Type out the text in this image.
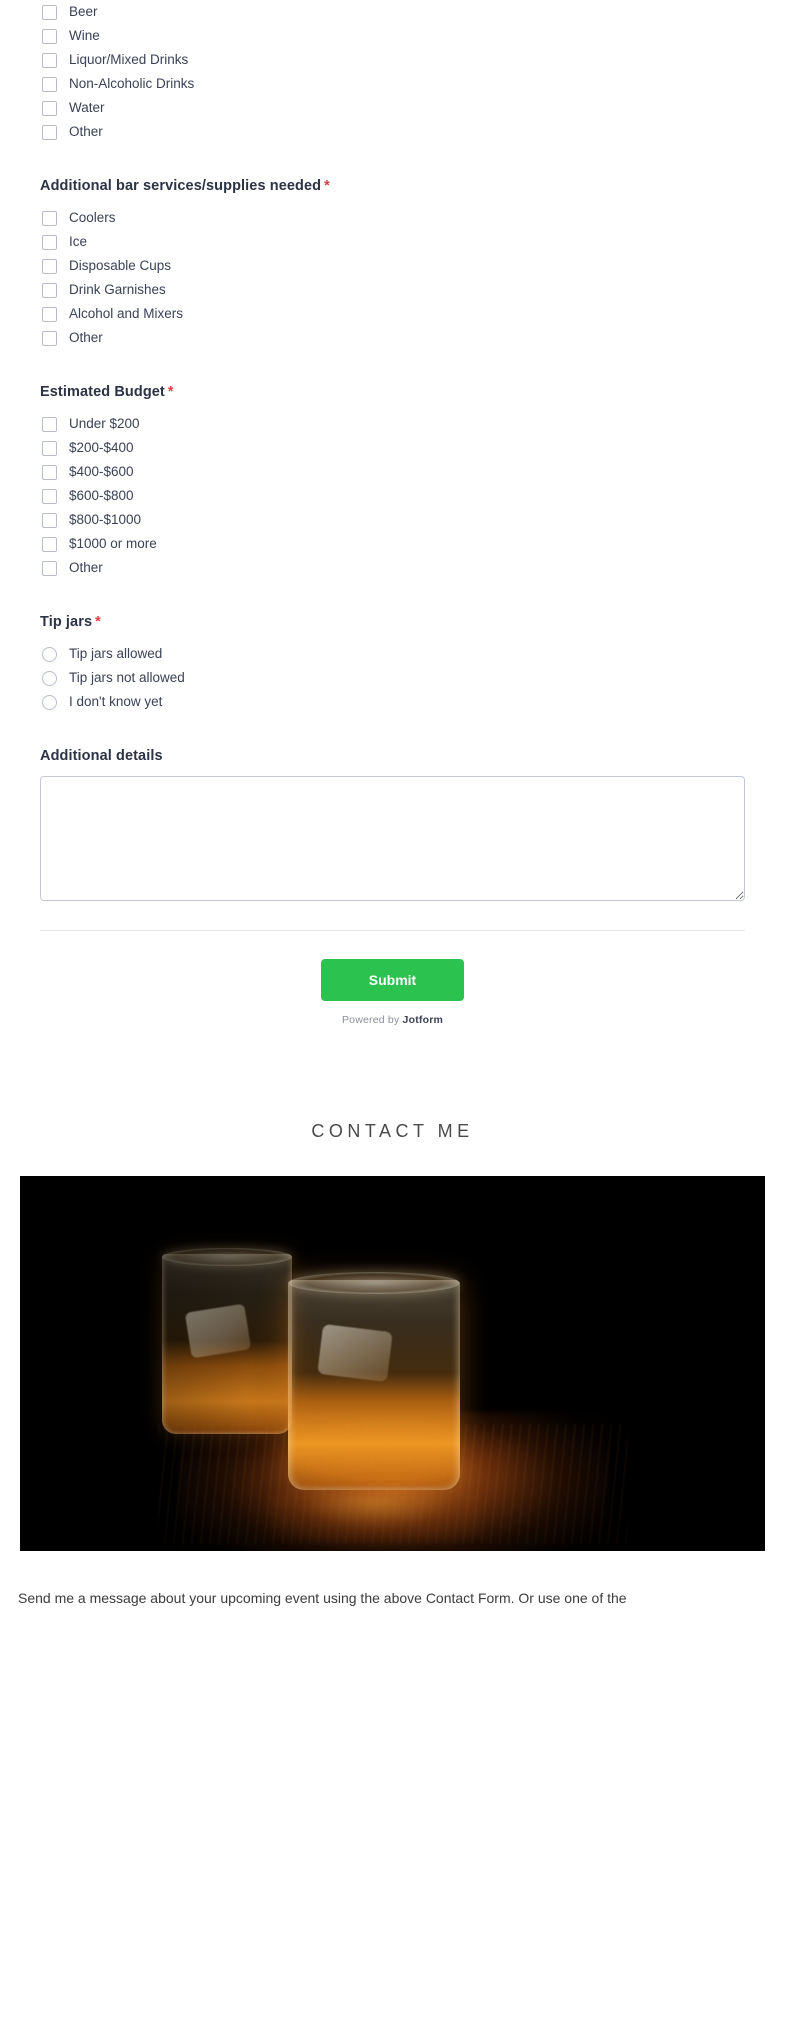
Beer
Wine
Liquor/Mixed Drinks
Non-Alcoholic Drinks
Water
Other
Additional bar services/supplies needed *
Coolers
Ice
Disposable Cups
Drink Garnishes
Alcohol and Mixers
Other
Estimated Budget *
Under $200
$200-$400
$400-$600
$600-$800
$800-$1000
$1000 or more
Other
Tip jars *
Tip jars allowed
Tip jars not allowed
I don't know yet
Additional details
Submit
Powered by Jotform
CONTACT ME
Send me a message about your upcoming event using the above Contact Form. Or use one of the
